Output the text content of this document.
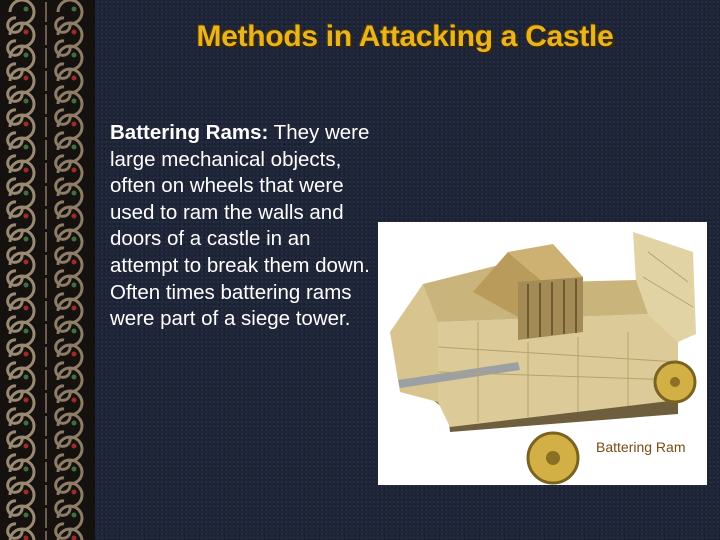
Methods in Attacking a Castle
Battering Rams: They were large mechanical objects, often on wheels that were used to ram the walls and doors of a castle in an attempt to break them down. Often times battering rams were part of a siege tower.
Battering Ram
